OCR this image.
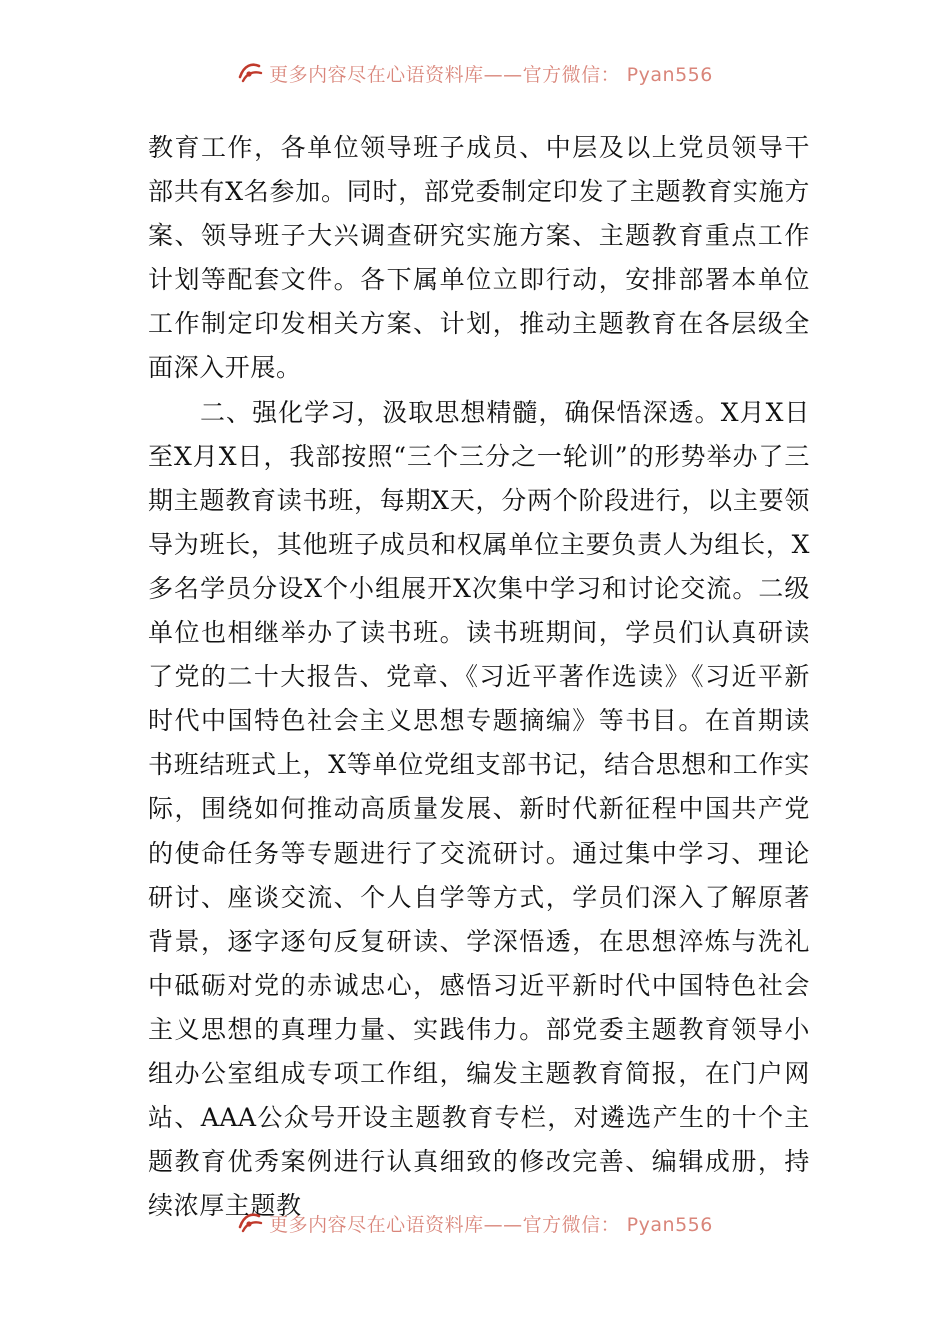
更多内容尽在心语资料库——官方微信： Pyan556

教育工作，各单位领导班子成员、中层及以上党员领导干部共有X名参加。同时，部党委制定印发了主题教育实施方案、领导班子大兴调查研究实施方案、主题教育重点工作计划等配套文件。各下属单位立即行动，安排部署本单位工作制定印发相关方案、计划，推动主题教育在各层级全面深入开展。

二、强化学习，汲取思想精髓，确保悟深透。X月X日至X月X日，我部按照“三个三分之一轮训”的形势举办了三期主题教育读书班，每期X天，分两个阶段进行，以主要领导为班长，其他班子成员和权属单位主要负责人为组长，X多名学员分设X个小组展开X次集中学习和讨论交流。二级单位也相继举办了读书班。读书班期间，学员们认真研读了党的二十大报告、党章、《习近平著作选读》《习近平新时代中国特色社会主义思想专题摘编》等书目。在首期读书班结班式上，X等单位党组支部书记，结合思想和工作实际，围绕如何推动高质量发展、新时代新征程中国共产党的使命任务等专题进行了交流研讨。通过集中学习、理论研讨、座谈交流、个人自学等方式，学员们深入了解原著背景，逐字逐句反复研读、学深悟透，在思想淬炼与洗礼中砥砺对党的赤诚忠心，感悟习近平新时代中国特色社会主义思想的真理力量、实践伟力。部党委主题教育领导小组办公室组成专项工作组，编发主题教育简报，在门户网站、AAA公众号开设主题教育专栏，对遴选产生的十个主题教育优秀案例进行认真细致的修改完善、编辑成册，持续浓厚主题教

更多内容尽在心语资料库——官方微信： Pyan556
